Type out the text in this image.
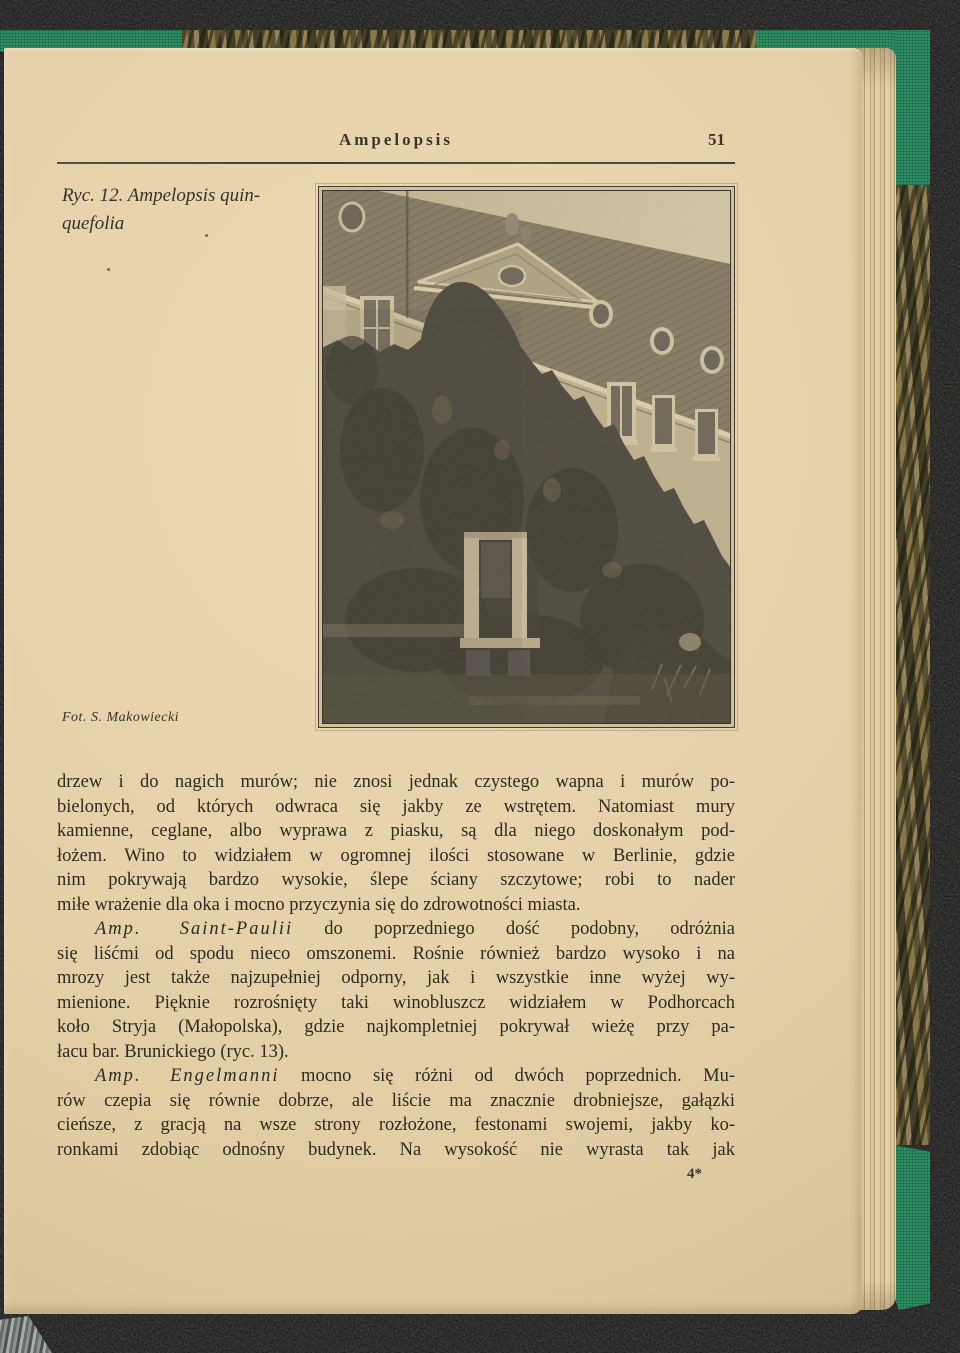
Ampelopsis	51
Ryc. 12. Ampelopsis quin-
quefolia
Fot. S. Makowiecki
drzew i do nagich murów; nie znosi jednak czystego wapna i murów po-
bielonych, od których odwraca się jakby ze wstrętem. Natomiast mury
kamienne, ceglane, albo wyprawa z piasku, są dla niego doskonałym pod-
łożem. Wino to widziałem w ogromnej ilości stosowane w Berlinie, gdzie
nim pokrywają bardzo wysokie, ślepe ściany szczytowe; robi to nader
miłe wrażenie dla oka i mocno przyczynia się do zdrowotności miasta.
Amp. Saint-Paulii do poprzedniego dość podobny, odróżnia
się liśćmi od spodu nieco omszonemi. Rośnie również bardzo wysoko i na
mrozy jest także najzupełniej odporny, jak i wszystkie inne wyżej wy-
mienione. Pięknie rozrośnięty taki winobluszcz widziałem w Podhorcach
koło Stryja (Małopolska), gdzie najkompletniej pokrywał wieżę przy pa-
łacu bar. Brunickiego (ryc. 13).
Amp. Engelmanni mocno się różni od dwóch poprzednich. Mu-
rów czepia się równie dobrze, ale liście ma znacznie drobniejsze, gałązki
cieńsze, z gracją na wsze strony rozłożone, festonami swojemi, jakby ko-
ronkami zdobiąc odnośny budynek. Na wysokość nie wyrasta tak jak
4*
